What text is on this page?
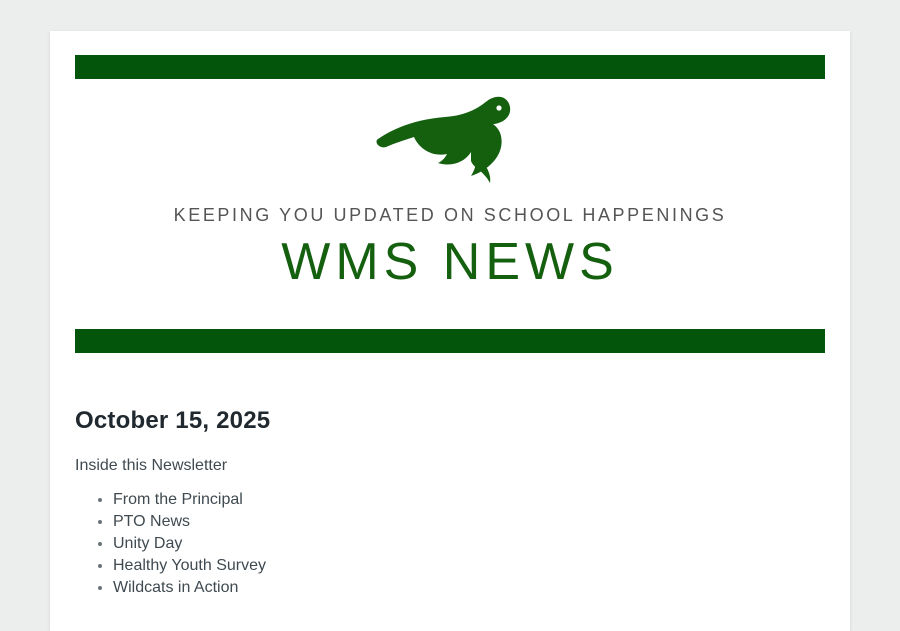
KEEPING YOU UPDATED ON SCHOOL HAPPENINGS
WMS NEWS
October 15, 2025
Inside this Newsletter
• From the Principal
• PTO News
• Unity Day
• Healthy Youth Survey
• Wildcats in Action
